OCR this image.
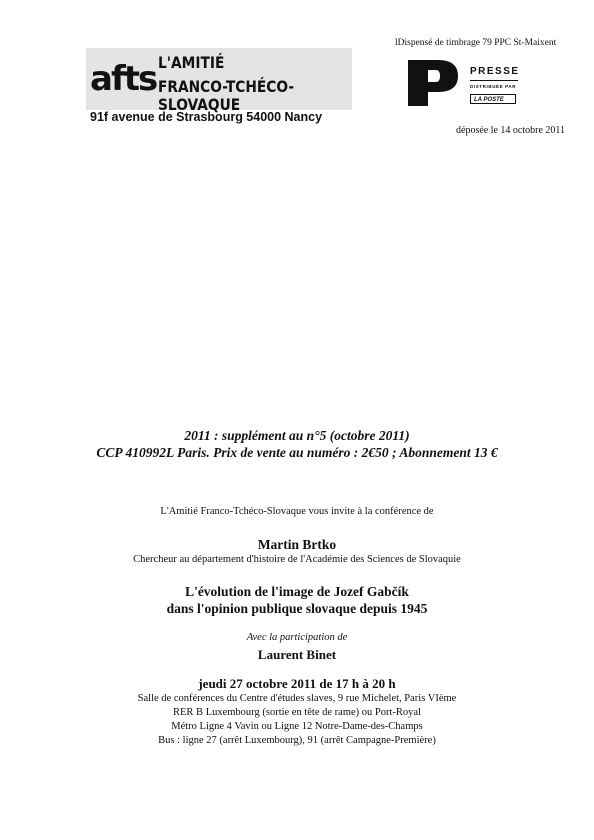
afts L'AMITIÉ
FRANCO-TCHÉCO-SLOVAQUE
91f avenue de Strasbourg 54000 Nancy
lDispensé de timbrage 79 PPC St-Maixent
PRESSE
DISTRIBUÉE PAR
LA POSTE
déposée le 14 octobre 2011
2011 : supplément au n°5 (octobre 2011)
CCP 410992L Paris. Prix de vente au numéro : 2€50 ; Abonnement 13 €
L'Amitié Franco-Tchéco-Slovaque vous invite à la conférence de
Martin Brtko
Chercheur au département d'histoire de l'Académie des Sciences de Slovaquie
L'évolution de l'image de Jozef Gabčík
dans l'opinion publique slovaque depuis 1945
Avec la participation de
Laurent Binet
jeudi 27 octobre 2011 de 17 h à 20 h
Salle de conférences du Centre d'études slaves, 9 rue Michelet, Paris VIème
RER B Luxembourg (sortie en tête de rame) ou Port-Royal
Métro Ligne 4 Vavin ou Ligne 12 Notre-Dame-des-Champs
Bus : ligne 27 (arrêt Luxembourg), 91 (arrêt Campagne-Première)
